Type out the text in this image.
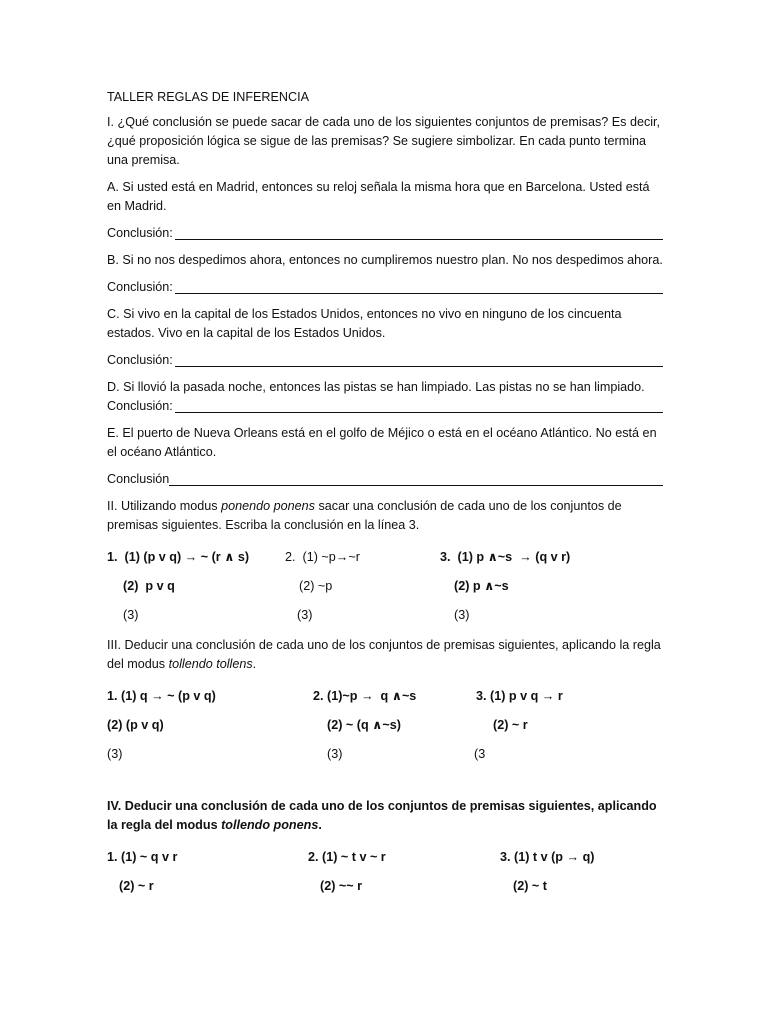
TALLER REGLAS DE INFERENCIA
I. ¿Qué conclusión se puede sacar de cada uno de los siguientes conjuntos de premisas? Es decir, ¿qué proposición lógica se sigue de las premisas? Se sugiere simbolizar. En cada punto termina una premisa.
A. Si usted está en Madrid, entonces su reloj señala la misma hora que en Barcelona. Usted está en Madrid.
Conclusión:
B. Si no nos despedimos ahora, entonces no cumpliremos nuestro plan. No nos despedimos ahora.
Conclusión:
C. Si vivo en la capital de los Estados Unidos, entonces no vivo en ninguno de los cincuenta estados. Vivo en la capital de los Estados Unidos.
Conclusión:
D. Si llovió la pasada noche, entonces las pistas se han limpiado. Las pistas no se han limpiado.
Conclusión:
E. El puerto de Nueva Orleans está en el golfo de Méjico o está en el océano Atlántico. No está en el océano Atlántico.
Conclusión
II. Utilizando modus ponendo ponens sacar una conclusión de cada uno de los conjuntos de premisas siguientes. Escriba la conclusión en la línea 3.
1.  (1) (p v q) → ~ (r ∧ s)	2.  (1) ~p→~r	3.  (1) p ∧~s  → (q v r)
(2)  p v q	(2) ~p	(2) p ∧~s
(3)	(3)	(3)
III. Deducir una conclusión de cada uno de los conjuntos de premisas siguientes, aplicando la regla del modus tollendo tollens.
1. (1) q → ~ (p v q)	2. (1)~p →  q ∧~s	3. (1) p v q → r
(2) (p v q)	(2) ~ (q ∧~s)	(2) ~ r
(3)	(3)	(3
IV. Deducir una conclusión de cada uno de los conjuntos de premisas siguientes, aplicando la regla del modus tollendo ponens.
1. (1) ~ q v r	2. (1) ~ t v ~ r	3. (1) t v (p → q)
(2) ~ r	(2) ~~ r	(2) ~ t
